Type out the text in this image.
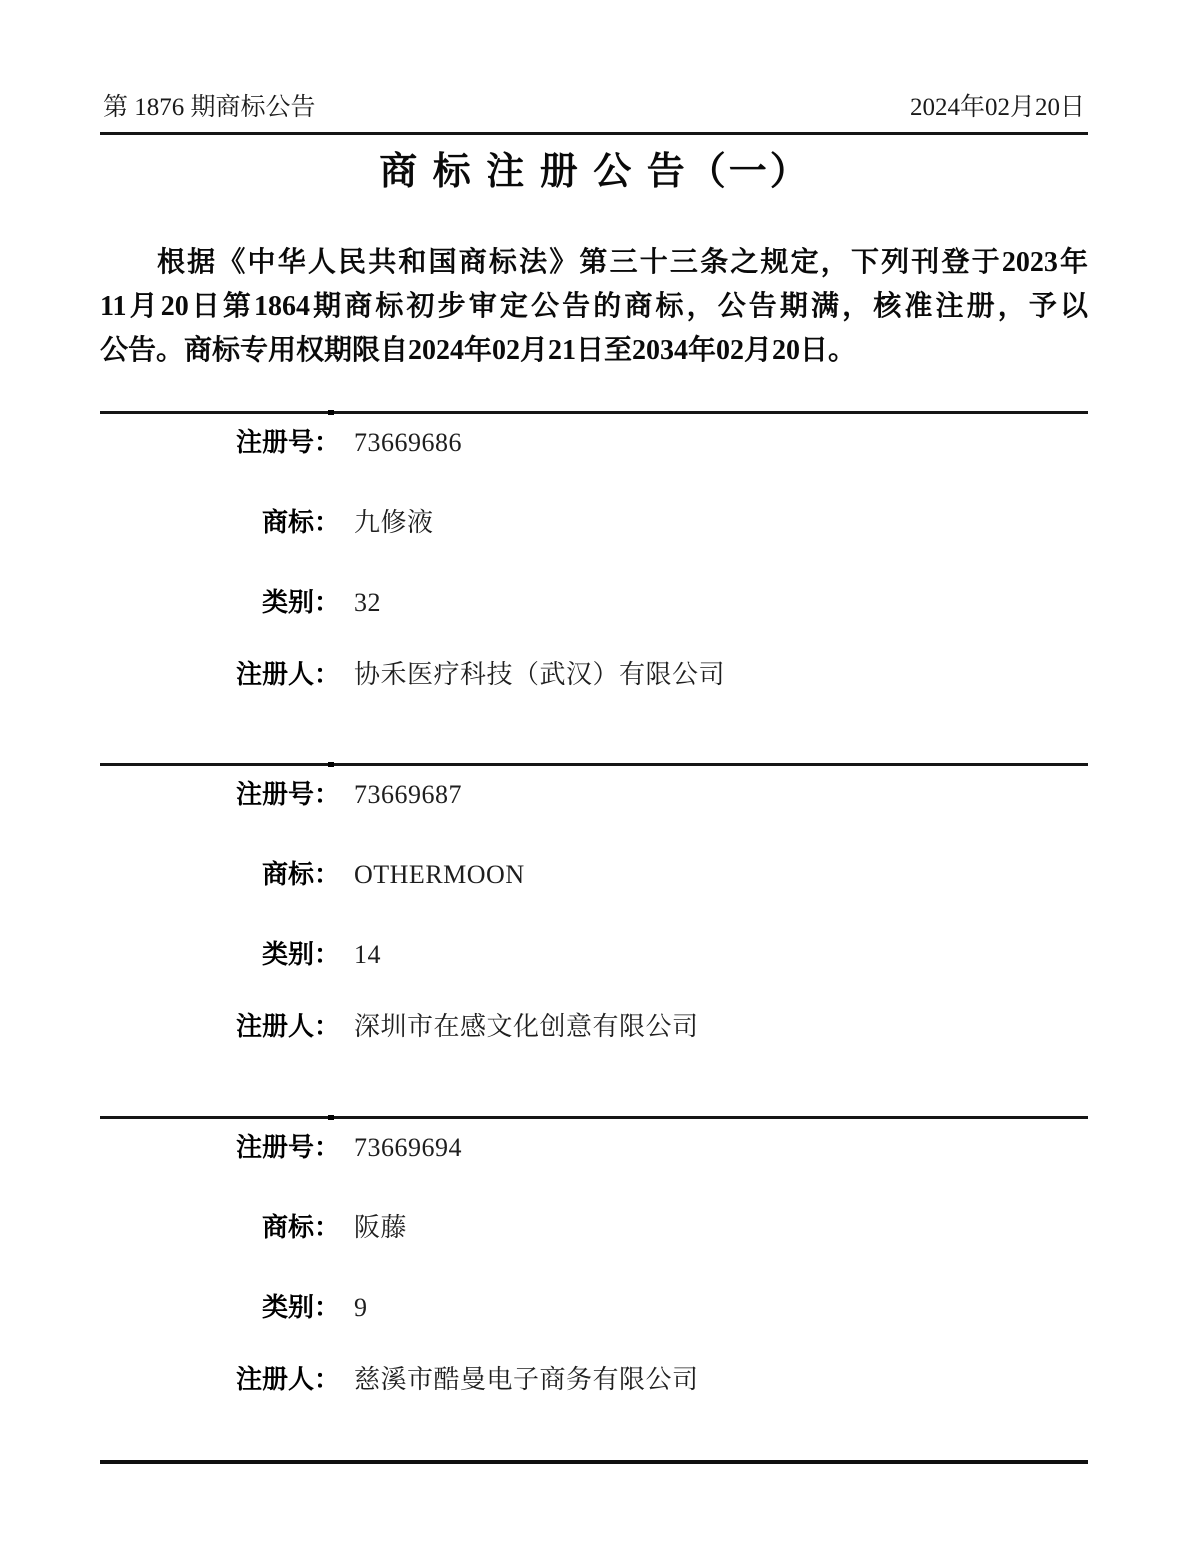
第 1876 期商标公告	2024年02月20日
商 标 注 册 公 告（一）
根据《中华人民共和国商标法》第三十三条之规定，下列刊登于2023年
11月20日第1864期商标初步审定公告的商标，公告期满，核准注册，予以
公告。商标专用权期限自2024年02月21日至2034年02月20日。
注册号： 73669686
商标： 九修液
类别： 32
注册人： 协禾医疗科技（武汉）有限公司
注册号： 73669687
商标： OTHERMOON
类别： 14
注册人： 深圳市在感文化创意有限公司
注册号： 73669694
商标： 阪藤
类别： 9
注册人： 慈溪市酷曼电子商务有限公司
